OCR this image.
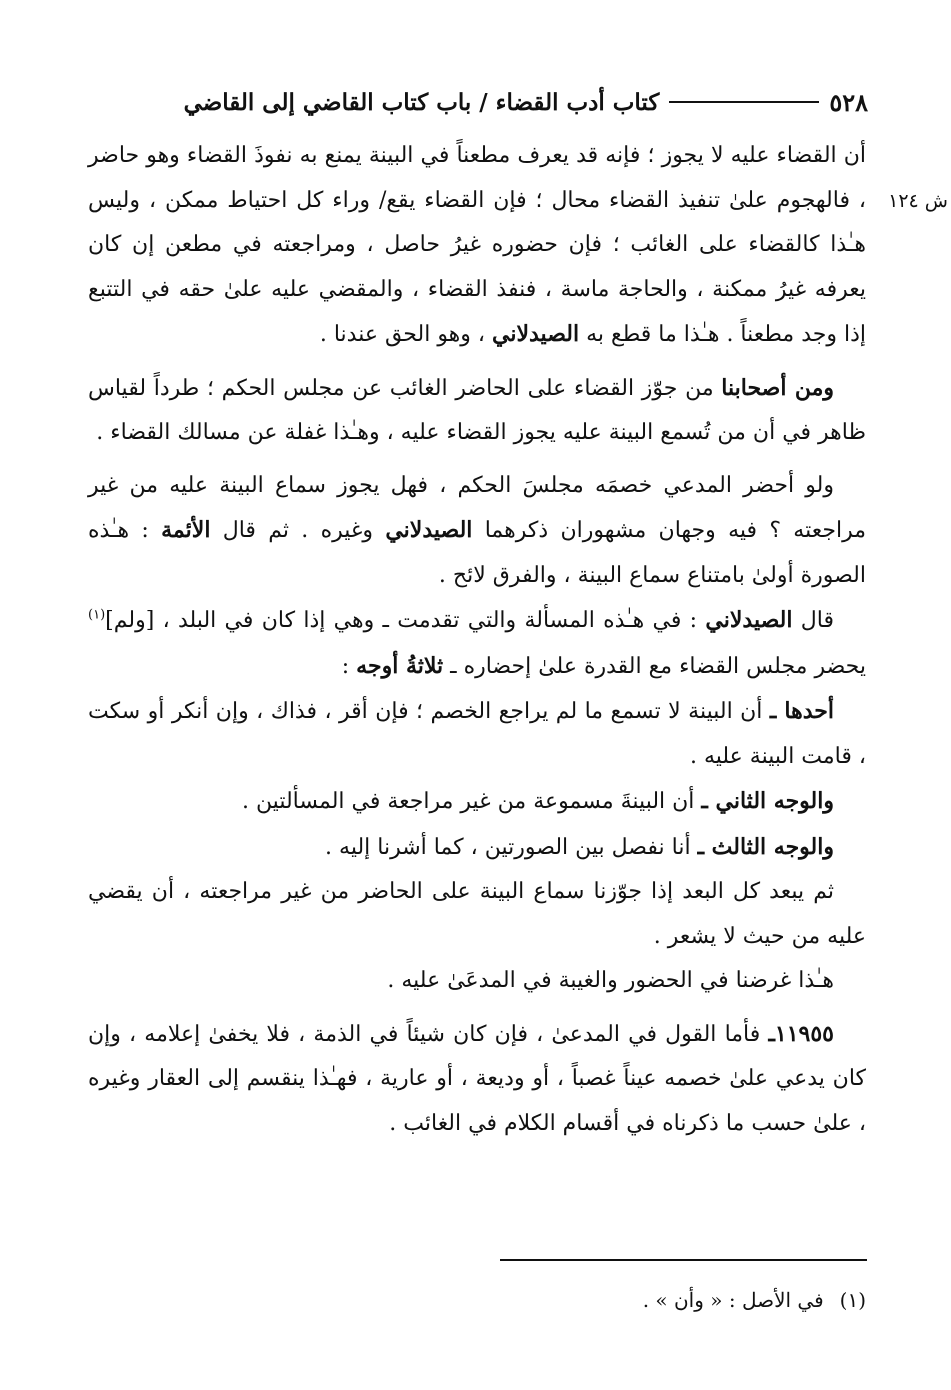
٥٢٨
كتاب أدب القضاء / باب كتاب القاضي إلى القاضي
ش ١٢٤

أن القضاء عليه لا يجوز ؛ فإنه قد يعرف مطعناً في البينة يمنع به نفوذَ القضاء وهو حاضر ، فالهجوم علىٰ تنفيذ القضاء محال ؛ فإن القضاء يقع/ وراء كل احتياط ممكن ، وليس هـٰذا كالقضاء على الغائب ؛ فإن حضوره غيرُ حاصل ، ومراجعته في مطعن إن كان يعرفه غيرُ ممكنة ، والحاجة ماسة ، فنفذ القضاء ، والمقضي عليه علىٰ حقه في التتبع إذا وجد مطعناً . هـٰذا ما قطع به الصيدلاني ، وهو الحق عندنا .

ومن أصحابنا من جوّز القضاء على الحاضر الغائب عن مجلس الحكم ؛ طرداً لقياس ظاهر في أن من تُسمع البينة عليه يجوز القضاء عليه ، وهـٰذا غفلة عن مسالك القضاء .

ولو أحضر المدعي خصمَه مجلسَ الحكم ، فهل يجوز سماع البينة عليه من غير مراجعته ؟ فيه وجهان مشهوران ذكرهما الصيدلاني وغيره . ثم قال الأئمة : هـٰذه الصورة أولىٰ بامتناع سماع البينة ، والفرق لائح .

قال الصيدلاني : في هـٰذه المسألة والتي تقدمت ـ وهي إذا كان في البلد ، [ولم]$^{(١)}$ يحضر مجلس القضاء مع القدرة علىٰ إحضاره ـ ثلاثةُ أوجه :

أحدها ـ أن البينة لا تسمع ما لم يراجع الخصم ؛ فإن أقر ، فذاك ، وإن أنكر أو سكت ، قامت البينة عليه .

والوجه الثاني ـ أن البينةَ مسموعة من غير مراجعة في المسألتين .

والوجه الثالث ـ أنا نفصل بين الصورتين ، كما أشرنا إليه .

ثم يبعد كل البعد إذا جوّزنا سماع البينة على الحاضر من غير مراجعته ، أن يقضي عليه من حيث لا يشعر .

هـٰذا غرضنا في الحضور والغيبة في المدعَىٰ عليه .

١١٩٥٥ـ فأما القول في المدعىٰ ، فإن كان شيئاً في الذمة ، فلا يخفىٰ إعلامه ، وإن كان يدعي علىٰ خصمه عيناً غصباً ، أو وديعة ، أو عارية ، فهـٰذا ينقسم إلى العقار وغيره ، علىٰ حسب ما ذكرناه في أقسام الكلام في الغائب .

(١)في الأصل : « وأن » .
